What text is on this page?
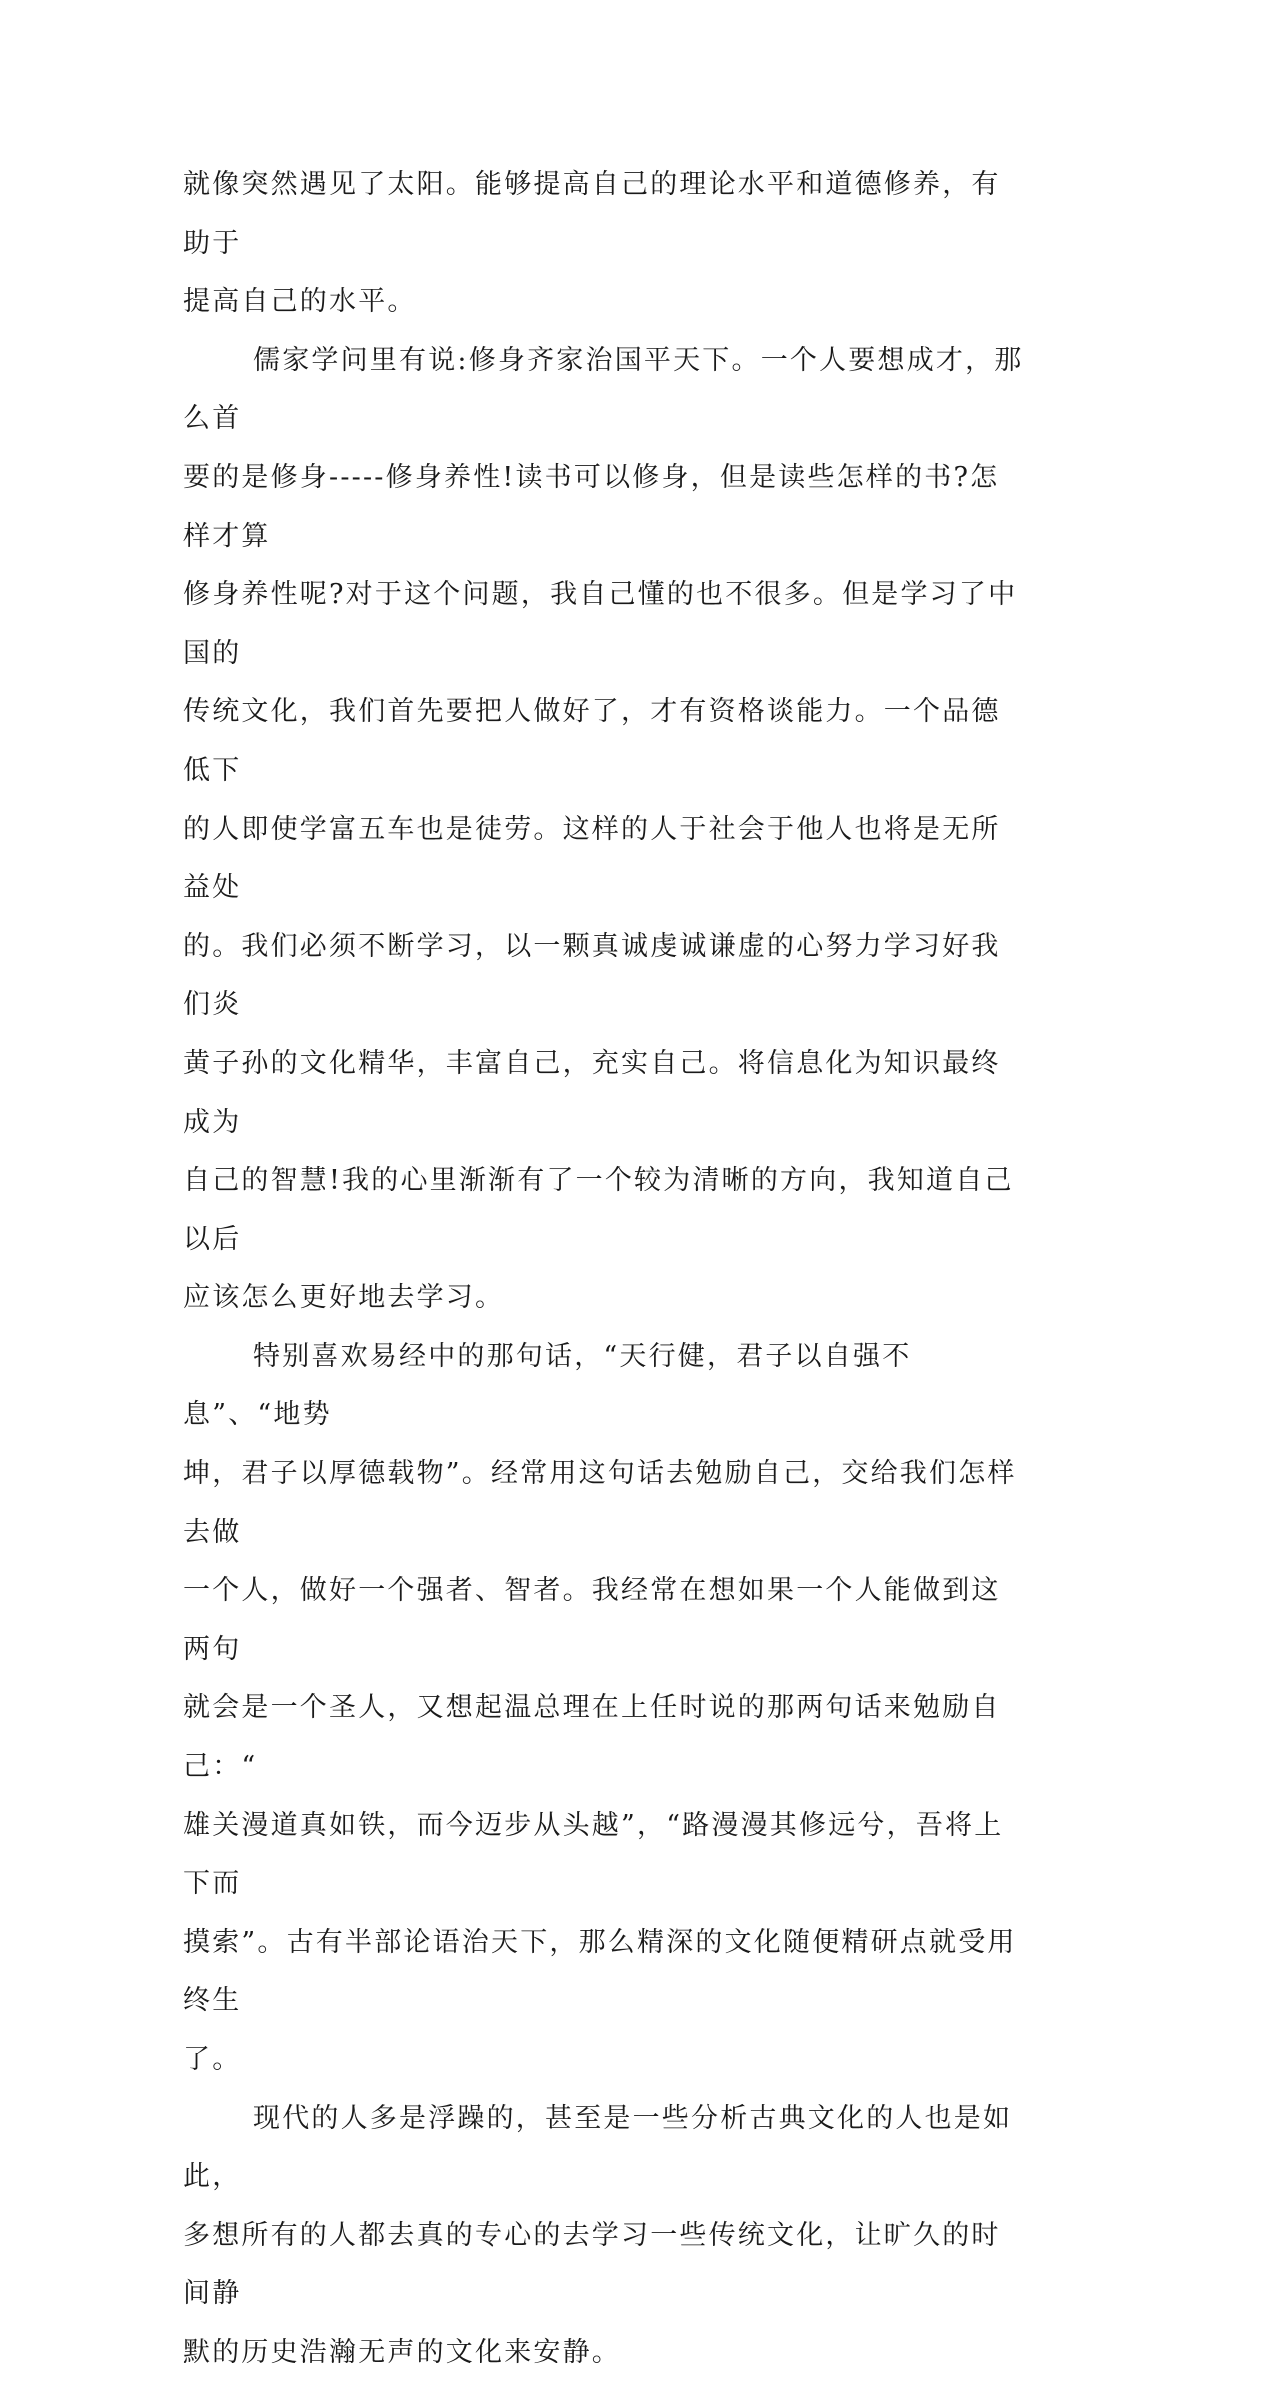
就像突然遇见了太阳。能够提高自己的理论水平和道德修养，有助于
提高自己的水平。

儒家学问里有说:修身齐家治国平天下。一个人要想成才，那么首
要的是修身-----修身养性!读书可以修身，但是读些怎样的书?怎样才算
修身养性呢?对于这个问题，我自己懂的也不很多。但是学习了中国的
传统文化，我们首先要把人做好了，才有资格谈能力。一个品德低下
的人即使学富五车也是徒劳。这样的人于社会于他人也将是无所益处
的。我们必须不断学习，以一颗真诚虔诚谦虚的心努力学习好我们炎
黄子孙的文化精华，丰富自己，充实自己。将信息化为知识最终成为
自己的智慧!我的心里渐渐有了一个较为清晰的方向，我知道自己以后
应该怎么更好地去学习。

特别喜欢易经中的那句话，“天行健，君子以自强不息”、“地势
坤，君子以厚德载物”。经常用这句话去勉励自己，交给我们怎样去做
一个人，做好一个强者、智者。我经常在想如果一个人能做到这两句
就会是一个圣人，又想起温总理在上任时说的那两句话来勉励自己：“
雄关漫道真如铁，而今迈步从头越”，“路漫漫其修远兮，吾将上下而
摸索”。古有半部论语治天下，那么精深的文化随便精研点就受用终生
了。

现代的人多是浮躁的，甚至是一些分析古典文化的人也是如此，
多想所有的人都去真的专心的去学习一些传统文化，让旷久的时间静
默的历史浩瀚无声的文化来安静。
